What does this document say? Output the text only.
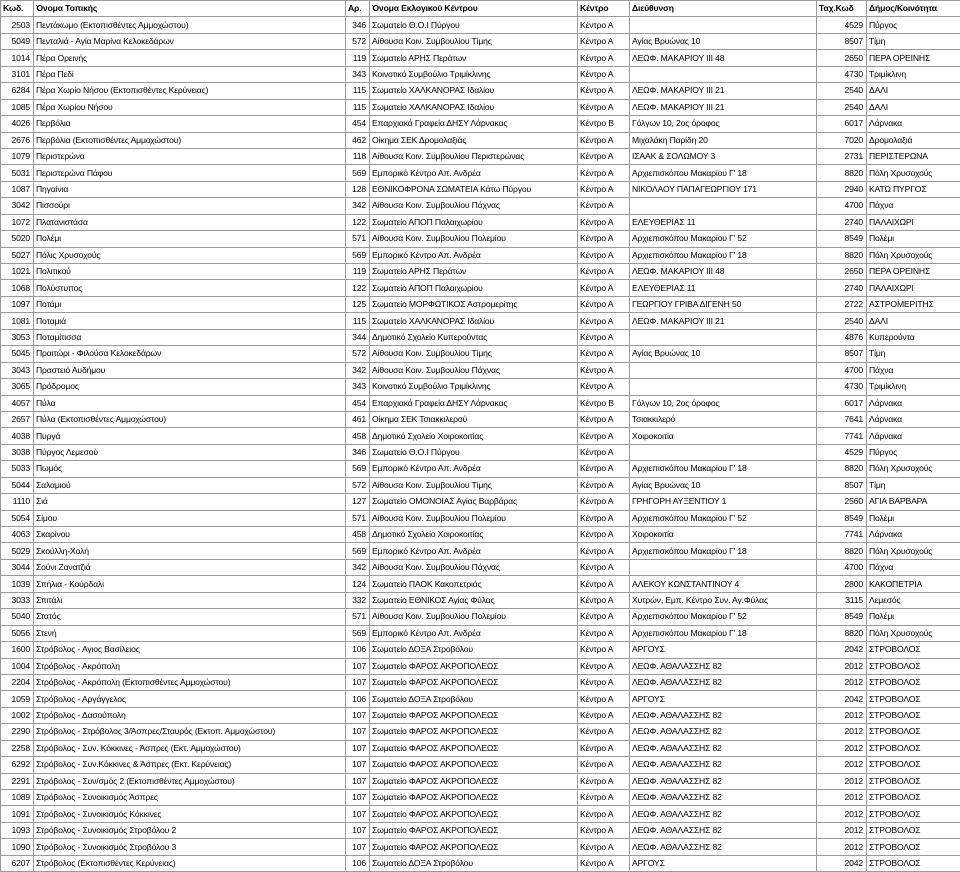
Κωδ.	Όνομα Τοπικής	Αρ.	Όνομα Εκλογικού Κέντρου	Κέντρο	Διεύθυνση	Ταχ.Κωδ	Δήμος/Κοινότητα
2503	Πεντάκωμο (Εκτοπισθέντες Αμμοχώστου)	346	Σωματείο Θ.Ο.Ι Πύργου	Κέντρο Α		4529	Πύργος
5049	Πενταλιά - Αγία Μαρίνα Κελοκεδάρων	572	Αίθουσα Κοιν. Συμβουλίου Τίμης	Κέντρο Α	Αγίας Βρυώνας 10	8507	Τίμη
1014	Πέρα Ορεινής	119	Σωματείο ΑΡΗΣ Περάτων	Κέντρο Α	ΛΕΩΦ. ΜΑΚΑΡΙΟΥ ΙΙΙ 48	2650	ΠΕΡΑ ΟΡΕΙΝΗΣ
3101	Πέρα Πεδί	343	Κοινοτικό Συμβούλιο Τριμίκλινης	Κέντρο Α		4730	Τριμίκλινη
6284	Πέρα Χωρίο Νήσου (Εκτοπισθέντες Κερύνειας)	115	Σωματείο ΧΑΛΚΑΝΟΡΑΣ Ιδαλίου	Κέντρο Α	ΛΕΩΦ. ΜΑΚΑΡΙΟΥ ΙΙΙ 21	2540	ΔΑΛΙ
1085	Πέρα Χωρίου Νήσου	115	Σωματείο ΧΑΛΚΑΝΟΡΑΣ Ιδαλίου	Κέντρο Α	ΛΕΩΦ. ΜΑΚΑΡΙΟΥ ΙΙΙ 21	2540	ΔΑΛΙ
4026	Περβόλια	454	Επαρχιακά Γραφεία ΔΗΣΥ Λάρνακας	Κέντρο Β	Γόλγων 10, 2ος όροφος	6017	Λάρνακα
2676	Περβόλια (Εκτοπισθέντες Αμμοχώστου)	462	Οίκημα ΣΕΚ Δρομολαξιάς	Κέντρο Α	Μιχαλάκη Παρίδη 20	7020	Δρομολαξιά
1079	Περιστερώνα	118	Αίθουσα Κοιν. Συμβουλίου Περιστερώνας	Κέντρο Α	ΙΣΑΑΚ & ΣΟΛΩΜΟΥ 3	2731	ΠΕΡΙΣΤΕΡΩΝΑ
5031	Περιστερώνα Πάφου	569	Εμπορικό Κέντρο Απ. Ανδρέα	Κέντρο Α	Αρχιεπισκόπου Μακαρίου Γ' 18	8820	Πόλη Χρυσοχούς
1087	Πηγαίνια	128	ΕΘΝΙΚΟΦΡΟΝΑ ΣΩΜΑΤΕΙΑ Κάτω Πύργου	Κέντρο Α	ΝΙΚΟΛΑΟΥ ΠΑΠΑΓΕΩΡΓΙΟΥ 171	2940	ΚΑΤΩ ΠΥΡΓΟΣ
3042	Πισσούρι	342	Αίθουσα Κοιν. Συμβουλίου Πάχνας	Κέντρο Α		4700	Πάχνα
1072	Πλατανιστάσα	122	Σωματείο ΑΠΟΠ Παλαιχωρίου	Κέντρο Α	ΕΛΕΥΘΕΡΙΑΣ 11	2740	ΠΑΛΑΙΧΩΡΙ
5020	Πολέμι	571	Αίθουσα Κοιν. Συμβουλίου Πολεμίου	Κέντρο Α	Αρχιεπισκόπου Μακαρίου Γ' 52	8549	Πολέμι
5027	Πόλις Χρυσοχούς	569	Εμπορικό Κέντρο Απ. Ανδρέα	Κέντρο Α	Αρχιεπισκόπου Μακαρίου Γ' 18	8820	Πόλη Χρυσοχούς
1021	Πολιτικού	119	Σωματείο ΑΡΗΣ Περάτων	Κέντρο Α	ΛΕΩΦ. ΜΑΚΑΡΙΟΥ ΙΙΙ 48	2650	ΠΕΡΑ ΟΡΕΙΝΗΣ
1068	Πολύστυπος	122	Σωματείο ΑΠΟΠ Παλαιχωρίου	Κέντρο Α	ΕΛΕΥΘΕΡΙΑΣ 11	2740	ΠΑΛΑΙΧΩΡΙ
1097	Ποτάμι	125	Σωματείο ΜΟΡΦΩΤΙΚΟΣ Αστρομερίτης	Κέντρο Α	ΓΕΩΡΓΙΟΥ ΓΡΙΒΑ ΔΙΓΕΝΗ 50	2722	ΑΣΤΡΟΜΕΡΙΤΗΣ
1081	Ποταμιά	115	Σωματείο ΧΑΛΚΑΝΟΡΑΣ Ιδαλίου	Κέντρο Α	ΛΕΩΦ. ΜΑΚΑΡΙΟΥ ΙΙΙ 21	2540	ΔΑΛΙ
3053	Ποταμίτισσα	344	Δημοτικό Σχολείο Κυπερούντας	Κέντρο Α		4876	Κυπερούντα
5045	Πραιτώρι - Φιλούσα Κελοκεδάρων	572	Αίθουσα Κοιν. Συμβουλίου Τίμης	Κέντρο Α	Αγίας Βρυώνας 10	8507	Τίμη
3043	Πραστειό Αυδήμου	342	Αίθουσα Κοιν. Συμβουλίου Πάχνας	Κέντρο Α		4700	Πάχνα
3065	Πρόδρομος	343	Κοινοτικό Συμβούλιο Τριμίκλινης	Κέντρο Α		4730	Τριμίκλινη
4057	Πύλα	454	Επαρχιακά Γραφεία ΔΗΣΥ Λάρνακας	Κέντρο Β	Γόλγων 10, 2ος όροφος	6017	Λάρνακα
2657	Πύλα (Εκτοπισθέντες Αμμοχώστου)	461	Οίκημα ΣΕΚ Τσιακκιλερού	Κέντρο Α	Τσιακκιλερό	7641	Λάρνακα
4038	Πυργά	458	Δημοτικό Σχολείο Χοιροκοιτίας	Κέντρο Α	Χοιροκοιτία	7741	Λάρνακα
3038	Πύργος Λεμεσού	346	Σωματείο Θ.Ο.Ι Πύργου	Κέντρο Α		4529	Πύργος
5033	Πωμός	569	Εμπορικό Κέντρο Απ. Ανδρέα	Κέντρο Α	Αρχιεπισκόπου Μακαρίου Γ' 18	8820	Πόλη Χρυσοχούς
5044	Σαλαμιού	572	Αίθουσα Κοιν. Συμβουλίου Τίμης	Κέντρο Α	Αγίας Βρυώνας 10	8507	Τίμη
1110	Σιά	127	Σωματείο ΟΜΟΝΟΙΑΣ Αγίας Βαρβάρας	Κέντρο Α	ΓΡΗΓΟΡΗ ΑΥΞΕΝΤΙΟΥ 1	2560	ΑΓΙΑ ΒΑΡΒΑΡΑ
5054	Σίμου	571	Αίθουσα Κοιν. Συμβουλίου Πολεμίου	Κέντρο Α	Αρχιεπισκόπου Μακαρίου Γ' 52	8549	Πολέμι
4063	Σκαρίνου	458	Δημοτικό Σχολείο Χοιροκοιτίας	Κέντρο Α	Χοιροκοιτία	7741	Λάρνακα
5029	Σκούλλη-Χολή	569	Εμπορικό Κέντρο Απ. Ανδρέα	Κέντρο Α	Αρχιεπισκόπου Μακαρίου Γ' 18	8820	Πόλη Χρυσοχούς
3044	Σούνι Ζανατζιά	342	Αίθουσα Κοιν. Συμβουλίου Πάχνας	Κέντρο Α		4700	Πάχνα
1039	Σπήλια - Κούρδαλι	124	Σωματείο ΠΑΟΚ Κακοπετριάς	Κέντρο Α	ΑΛΕΚΟΥ ΚΩΝΣΤΑΝΤΙΝΟΥ 4	2800	ΚΑΚΟΠΕΤΡΙΑ
3033	Σπιτάλι	332	Σωματείο ΕΘΝΙΚΟΣ Αγίας Φύλας	Κέντρο Α	Χυτρών, Εμπ. Κέντρο Συν. Αγ.Φύλας	3115	Λεμεσός
5040	Στατός	571	Αίθουσα Κοιν. Συμβουλίου Πολεμίου	Κέντρο Α	Αρχιεπισκόπου Μακαρίου Γ' 52	8549	Πολέμι
5056	Στενή	569	Εμπορικό Κέντρο Απ. Ανδρέα	Κέντρο Α	Αρχιεπισκόπου Μακαρίου Γ' 18	8820	Πόλη Χρυσοχούς
1600	Στρόβολος - Αγιος Βασίλειος	106	Σωματείο ΔΟΞΑ Στροβόλου	Κέντρο Α	ΑΡΓΟΥΣ	2042	ΣΤΡΟΒΟΛΟΣ
1004	Στρόβολος - Ακρόπολη	107	Σωματείο ΦΑΡΟΣ ΑΚΡΟΠΟΛΕΩΣ	Κέντρο Α	ΛΕΩΦ. ΑΘΑΛΑΣΣΗΣ 82	2012	ΣΤΡΟΒΟΛΟΣ
2204	Στρόβολος - Ακρόπολη (Εκτοπισθέντες Αμμοχώστου)	107	Σωματείο ΦΑΡΟΣ ΑΚΡΟΠΟΛΕΩΣ	Κέντρο Α	ΛΕΩΦ. ΑΘΑΛΑΣΣΗΣ 82	2012	ΣΤΡΟΒΟΛΟΣ
1059	Στρόβολος - Αργάγγελος	106	Σωματείο ΔΟΞΑ Στροβόλου	Κέντρο Α	ΑΡΓΟΥΣ	2042	ΣΤΡΟΒΟΛΟΣ
1002	Στρόβολος - Δασούπολη	107	Σωματείο ΦΑΡΟΣ ΑΚΡΟΠΟΛΕΩΣ	Κέντρο Α	ΛΕΩΦ. ΑΘΑΛΑΣΣΗΣ 82	2012	ΣΤΡΟΒΟΛΟΣ
2290	Στρόβολος - Στρόβολος 3/Άσπρες/Σταυρός (Εκτοπ. Αμμοχώστου)	107	Σωματείο ΦΑΡΟΣ ΑΚΡΟΠΟΛΕΩΣ	Κέντρο Α	ΛΕΩΦ. ΑΘΑΛΑΣΣΗΣ 82	2012	ΣΤΡΟΒΟΛΟΣ
2258	Στρόβολος - Συν. Κόκκινες - Άσπρες (Εκτ. Αμμοχώστου)	107	Σωματείο ΦΑΡΟΣ ΑΚΡΟΠΟΛΕΩΣ	Κέντρο Α	ΛΕΩΦ. ΑΘΑΛΑΣΣΗΣ 82	2012	ΣΤΡΟΒΟΛΟΣ
6292	Στρόβολος - Συν.Κόκκινες & Άσπρες (Εκτ. Κερύνειας)	107	Σωματείο ΦΑΡΟΣ ΑΚΡΟΠΟΛΕΩΣ	Κέντρο Α	ΛΕΩΦ. ΑΘΑΛΑΣΣΗΣ 82	2012	ΣΤΡΟΒΟΛΟΣ
2291	Στρόβολος - Συν/σμός 2 (Εκτοπισθέντες Αμμοχώστου)	107	Σωματείο ΦΑΡΟΣ ΑΚΡΟΠΟΛΕΩΣ	Κέντρο Α	ΛΕΩΦ. ΑΘΑΛΑΣΣΗΣ 82	2012	ΣΤΡΟΒΟΛΟΣ
1089	Στρόβολος - Συνοικισμός Άσπρες	107	Σωματείο ΦΑΡΟΣ ΑΚΡΟΠΟΛΕΩΣ	Κέντρο Α	ΛΕΩΦ. ΑΘΑΛΑΣΣΗΣ 82	2012	ΣΤΡΟΒΟΛΟΣ
1091	Στρόβολος - Συνοικισμός Κόκκινες	107	Σωματείο ΦΑΡΟΣ ΑΚΡΟΠΟΛΕΩΣ	Κέντρο Α	ΛΕΩΦ. ΑΘΑΛΑΣΣΗΣ 82	2012	ΣΤΡΟΒΟΛΟΣ
1093	Στρόβολος - Συνοικισμός Στροβόλου 2	107	Σωματείο ΦΑΡΟΣ ΑΚΡΟΠΟΛΕΩΣ	Κέντρο Α	ΛΕΩΦ. ΑΘΑΛΑΣΣΗΣ 82	2012	ΣΤΡΟΒΟΛΟΣ
1090	Στρόβολος - Συνοικισμός Στροβόλου 3	107	Σωματείο ΦΑΡΟΣ ΑΚΡΟΠΟΛΕΩΣ	Κέντρο Α	ΛΕΩΦ. ΑΘΑΛΑΣΣΗΣ 82	2012	ΣΤΡΟΒΟΛΟΣ
6207	Στρόβολος (Εκτοπισθέντες Κερύνειας)	106	Σωματείο ΔΟΞΑ Στροβόλου	Κέντρο Α	ΑΡΓΟΥΣ	2042	ΣΤΡΟΒΟΛΟΣ
